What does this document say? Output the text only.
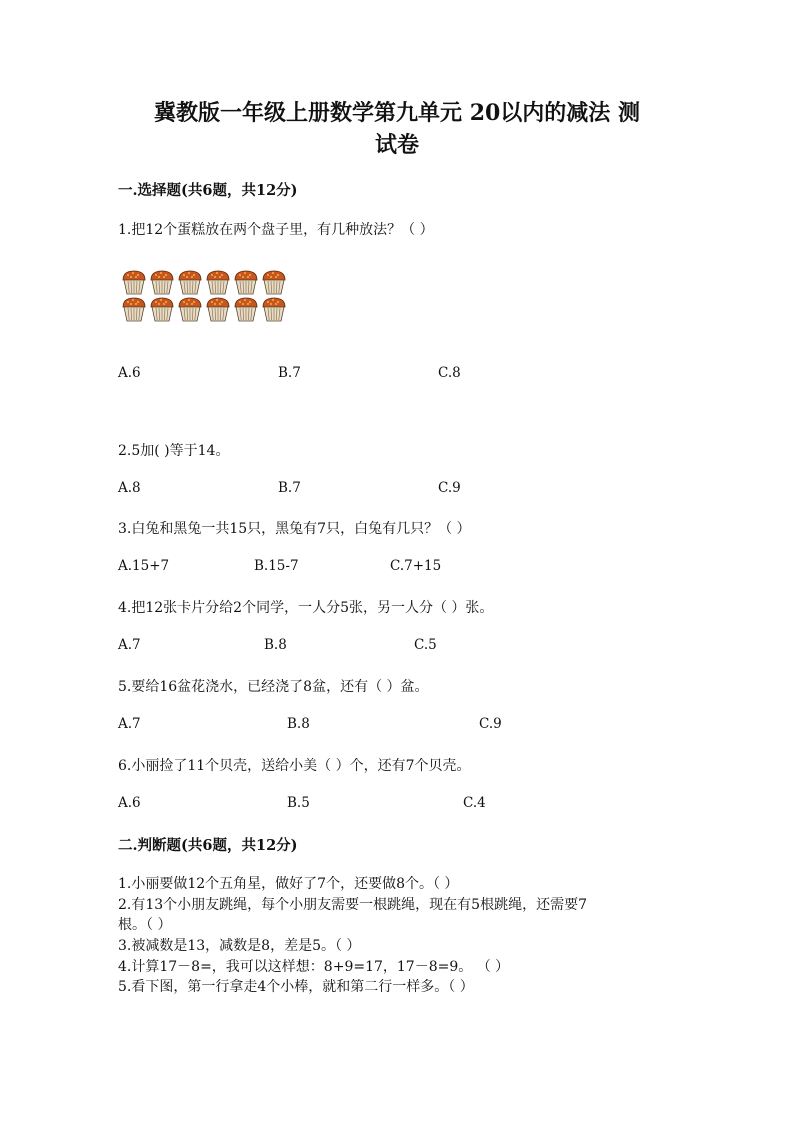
冀教版一年级上册数学第九单元 20以内的减法 测
试卷
一.选择题(共6题，共12分)
1.把12个蛋糕放在两个盘子里，有几种放法？（ ）
A.6	B.7	C.8
2.5加( )等于14。
A.8	B.7	C.9
3.白兔和黑兔一共15只，黑兔有7只，白兔有几只？（ ）
A.15+7	B.15-7	C.7+15
4.把12张卡片分给2个同学，一人分5张，另一人分（ ）张。
A.7	B.8	C.5
5.要给16盆花浇水，已经浇了8盆，还有（ ）盆。
A.7	B.8	C.9
6.小丽捡了11个贝壳，送给小美（ ）个，还有7个贝壳。
A.6	B.5	C.4
二.判断题(共6题，共12分)
1.小丽要做12个五角星，做好了7个，还要做8个。（ ）
2.有13个小朋友跳绳，每个小朋友需要一根跳绳，现在有5根跳绳，还需要7
根。（ ）
3.被减数是13，减数是8，差是5。（ ）
4.计算17－8=，我可以这样想：8+9=17，17－8=9。 （ ）
5.看下图，第一行拿走4个小棒，就和第二行一样多。（ ）
